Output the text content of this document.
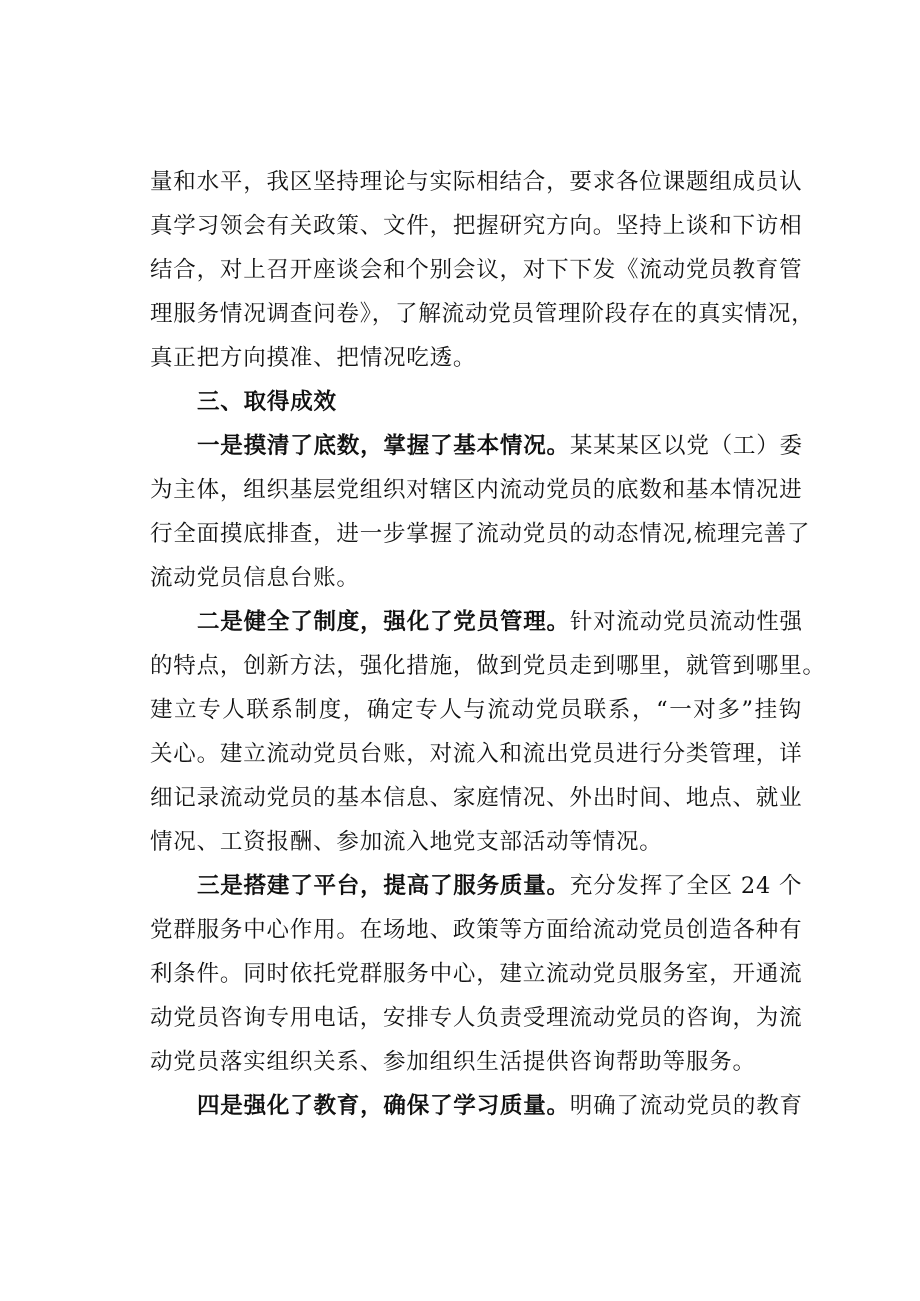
量和水平，我区坚持理论与实际相结合，要求各位课题组成员认
真学习领会有关政策、文件，把握研究方向。坚持上谈和下访相
结合，对上召开座谈会和个别会议，对下下发《流动党员教育管
理服务情况调查问卷》，了解流动党员管理阶段存在的真实情况，
真正把方向摸准、把情况吃透。
三、取得成效
一是摸清了底数，掌握了基本情况。某某某区以党（工）委
为主体，组织基层党组织对辖区内流动党员的底数和基本情况进
行全面摸底排查，进一步掌握了流动党员的动态情况,梳理完善了
流动党员信息台账。
二是健全了制度，强化了党员管理。针对流动党员流动性强
的特点，创新方法，强化措施，做到党员走到哪里，就管到哪里。
建立专人联系制度，确定专人与流动党员联系，“一对多”挂钩
关心。建立流动党员台账，对流入和流出党员进行分类管理，详
细记录流动党员的基本信息、家庭情况、外出时间、地点、就业
情况、工资报酬、参加流入地党支部活动等情况。
三是搭建了平台，提高了服务质量。充分发挥了全区 24 个
党群服务中心作用。在场地、政策等方面给流动党员创造各种有
利条件。同时依托党群服务中心，建立流动党员服务室，开通流
动党员咨询专用电话，安排专人负责受理流动党员的咨询，为流
动党员落实组织关系、参加组织生活提供咨询帮助等服务。
四是强化了教育，确保了学习质量。明确了流动党员的教育
